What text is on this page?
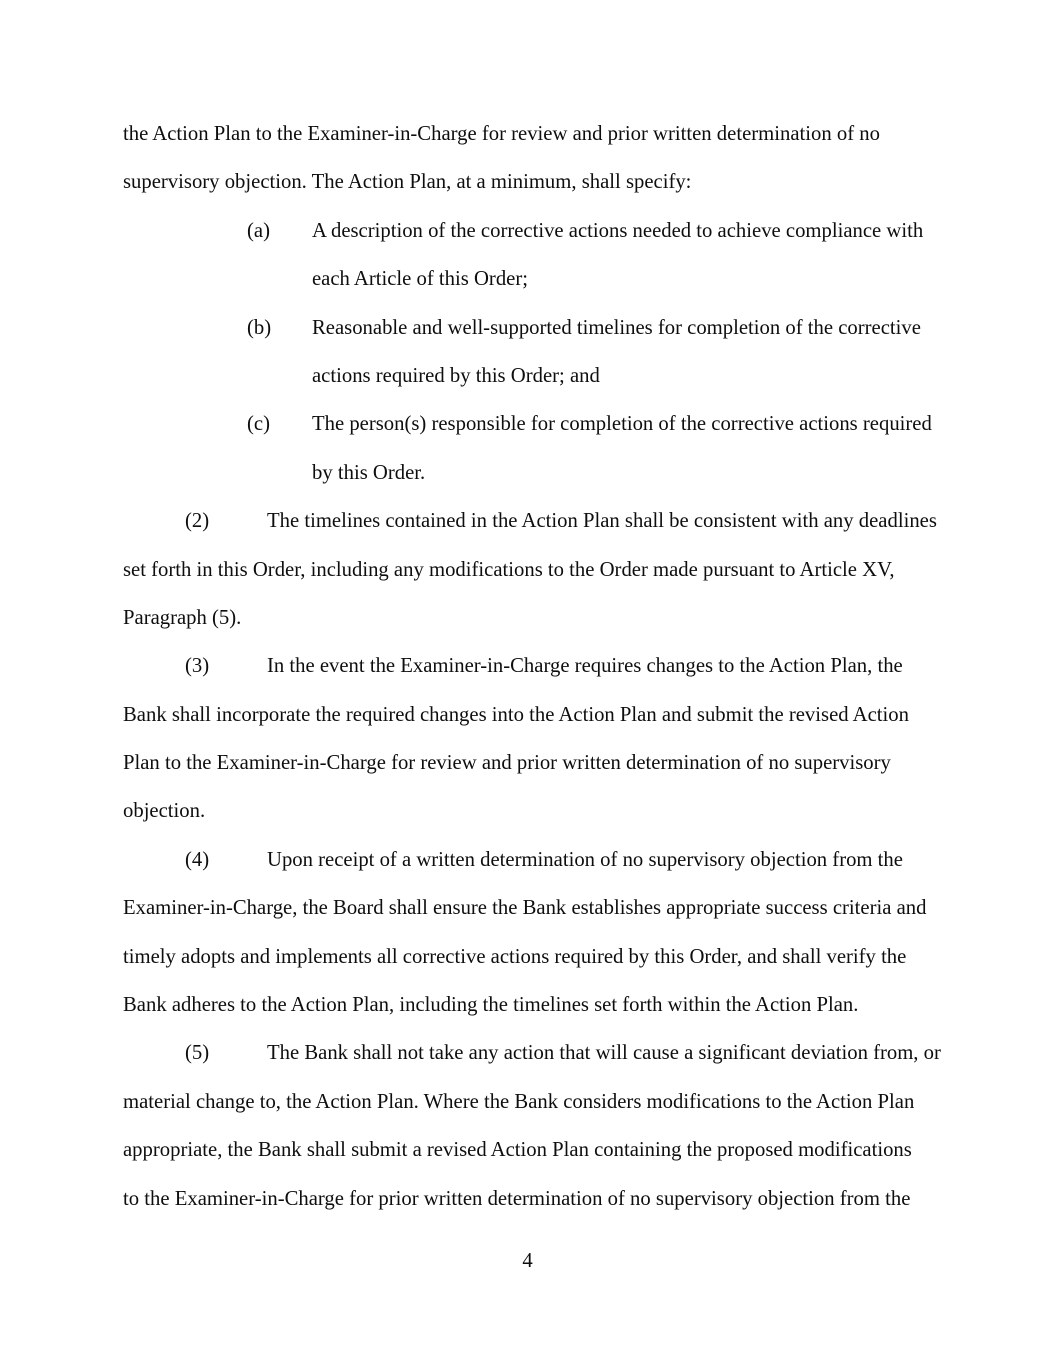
the Action Plan to the Examiner-in-Charge for review and prior written determination of no
supervisory objection. The Action Plan, at a minimum, shall specify:
(a) A description of the corrective actions needed to achieve compliance with
each Article of this Order;
(b) Reasonable and well-supported timelines for completion of the corrective
actions required by this Order; and
(c) The person(s) responsible for completion of the corrective actions required
by this Order.
(2)	The timelines contained in the Action Plan shall be consistent with any deadlines
set forth in this Order, including any modifications to the Order made pursuant to Article XV,
Paragraph (5).
(3)	In the event the Examiner-in-Charge requires changes to the Action Plan, the
Bank shall incorporate the required changes into the Action Plan and submit the revised Action
Plan to the Examiner-in-Charge for review and prior written determination of no supervisory
objection.
(4)	Upon receipt of a written determination of no supervisory objection from the
Examiner-in-Charge, the Board shall ensure the Bank establishes appropriate success criteria and
timely adopts and implements all corrective actions required by this Order, and shall verify the
Bank adheres to the Action Plan, including the timelines set forth within the Action Plan.
(5)	The Bank shall not take any action that will cause a significant deviation from, or
material change to, the Action Plan. Where the Bank considers modifications to the Action Plan
appropriate, the Bank shall submit a revised Action Plan containing the proposed modifications
to the Examiner-in-Charge for prior written determination of no supervisory objection from the
4
